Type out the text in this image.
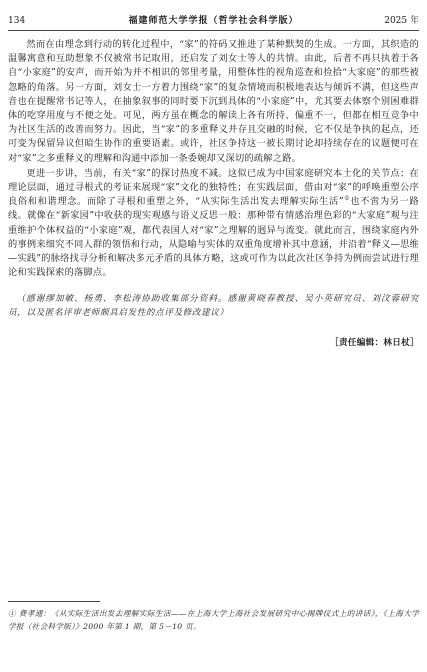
134	福建师范大学学报（哲学社会科学版）	2025 年

然而在由理念到行动的转化过程中，“家”的符码又推进了某种默契的生成。一方面，其织造的温馨寓意和互助想象不仅被常书记取用，还启发了刘女士等人的共情。由此，后者不再只执着于各自“小家庭”的安声，而开始为并不相识的邻里考量，用整体性的视角巡查和捡拾“大家庭”的那些被忽略的角落。另一方面，刘女士一方着力围绕“家”的复杂情境而积极地表达与倾诉不满，但这些声音也在提醒常书记等人，在抽象叙事的同时要下沉到具体的“小家庭”中，尤其要去体察个别困难群体的吃穿用度与不便之处。可见，两方虽在概念的解读上各有所持、偏重不一，但都在相互竞争中为社区生活的改善而努力。因此，当“家”的多重释义并存且交融的时候，它不仅是争执的起点，还可变为保留异议但暗生协作的重要语素。或许，社区争持这一被长期讨论却持续存在的议题便可在对“家”之多重释义的理解和沟通中添加一条委婉却又深切的疏解之路。

更进一步讲，当前，有关“家”的探讨热度不减。这似已成为中国家庭研究本土化的关节点；在理论层面，通过寻根式的考证来展现“家”文化的独特性；在实践层面，借由对“家”的呼唤重塑公序良俗和和谐理念。而除了寻根和重塑之外，“从实际生活出发去理解实际生活”①也不啻为另一路线。就像在“新家园”中收获的现实观感与语义反思一般：那种带有情感治理色彩的“大家庭”观与注重维护个体权益的“小家庭”观，都代表国人对“家”之理解的迥异与流变。就此而言，围绕家庭内外的事例来细究不同人群的领悟和行动，从隐喻与实体的双重角度增补其中意涵，并沿着“释义—思维—实践”的脉络找寻分析和解决多元矛盾的具体方略，这或可作为以此次社区争持为例而尝试进行理论和实践探索的落脚点。

（感谢缪加敏、杨勇、李松涛协助收集部分资料。感谢黄晓春教授、吴小英研究员、刘汶蓉研究员，以及匿名评审老师颇具启发性的点评及修改建议）

［责任编辑：林日杖］
① 费孝通：《从实际生活出发去理解实际生活——在上海大学上海社会发展研究中心揭牌仪式上的讲话》，《上海大学学报（社会科学版）》2000 年第 1 期，第 5－10 页。
